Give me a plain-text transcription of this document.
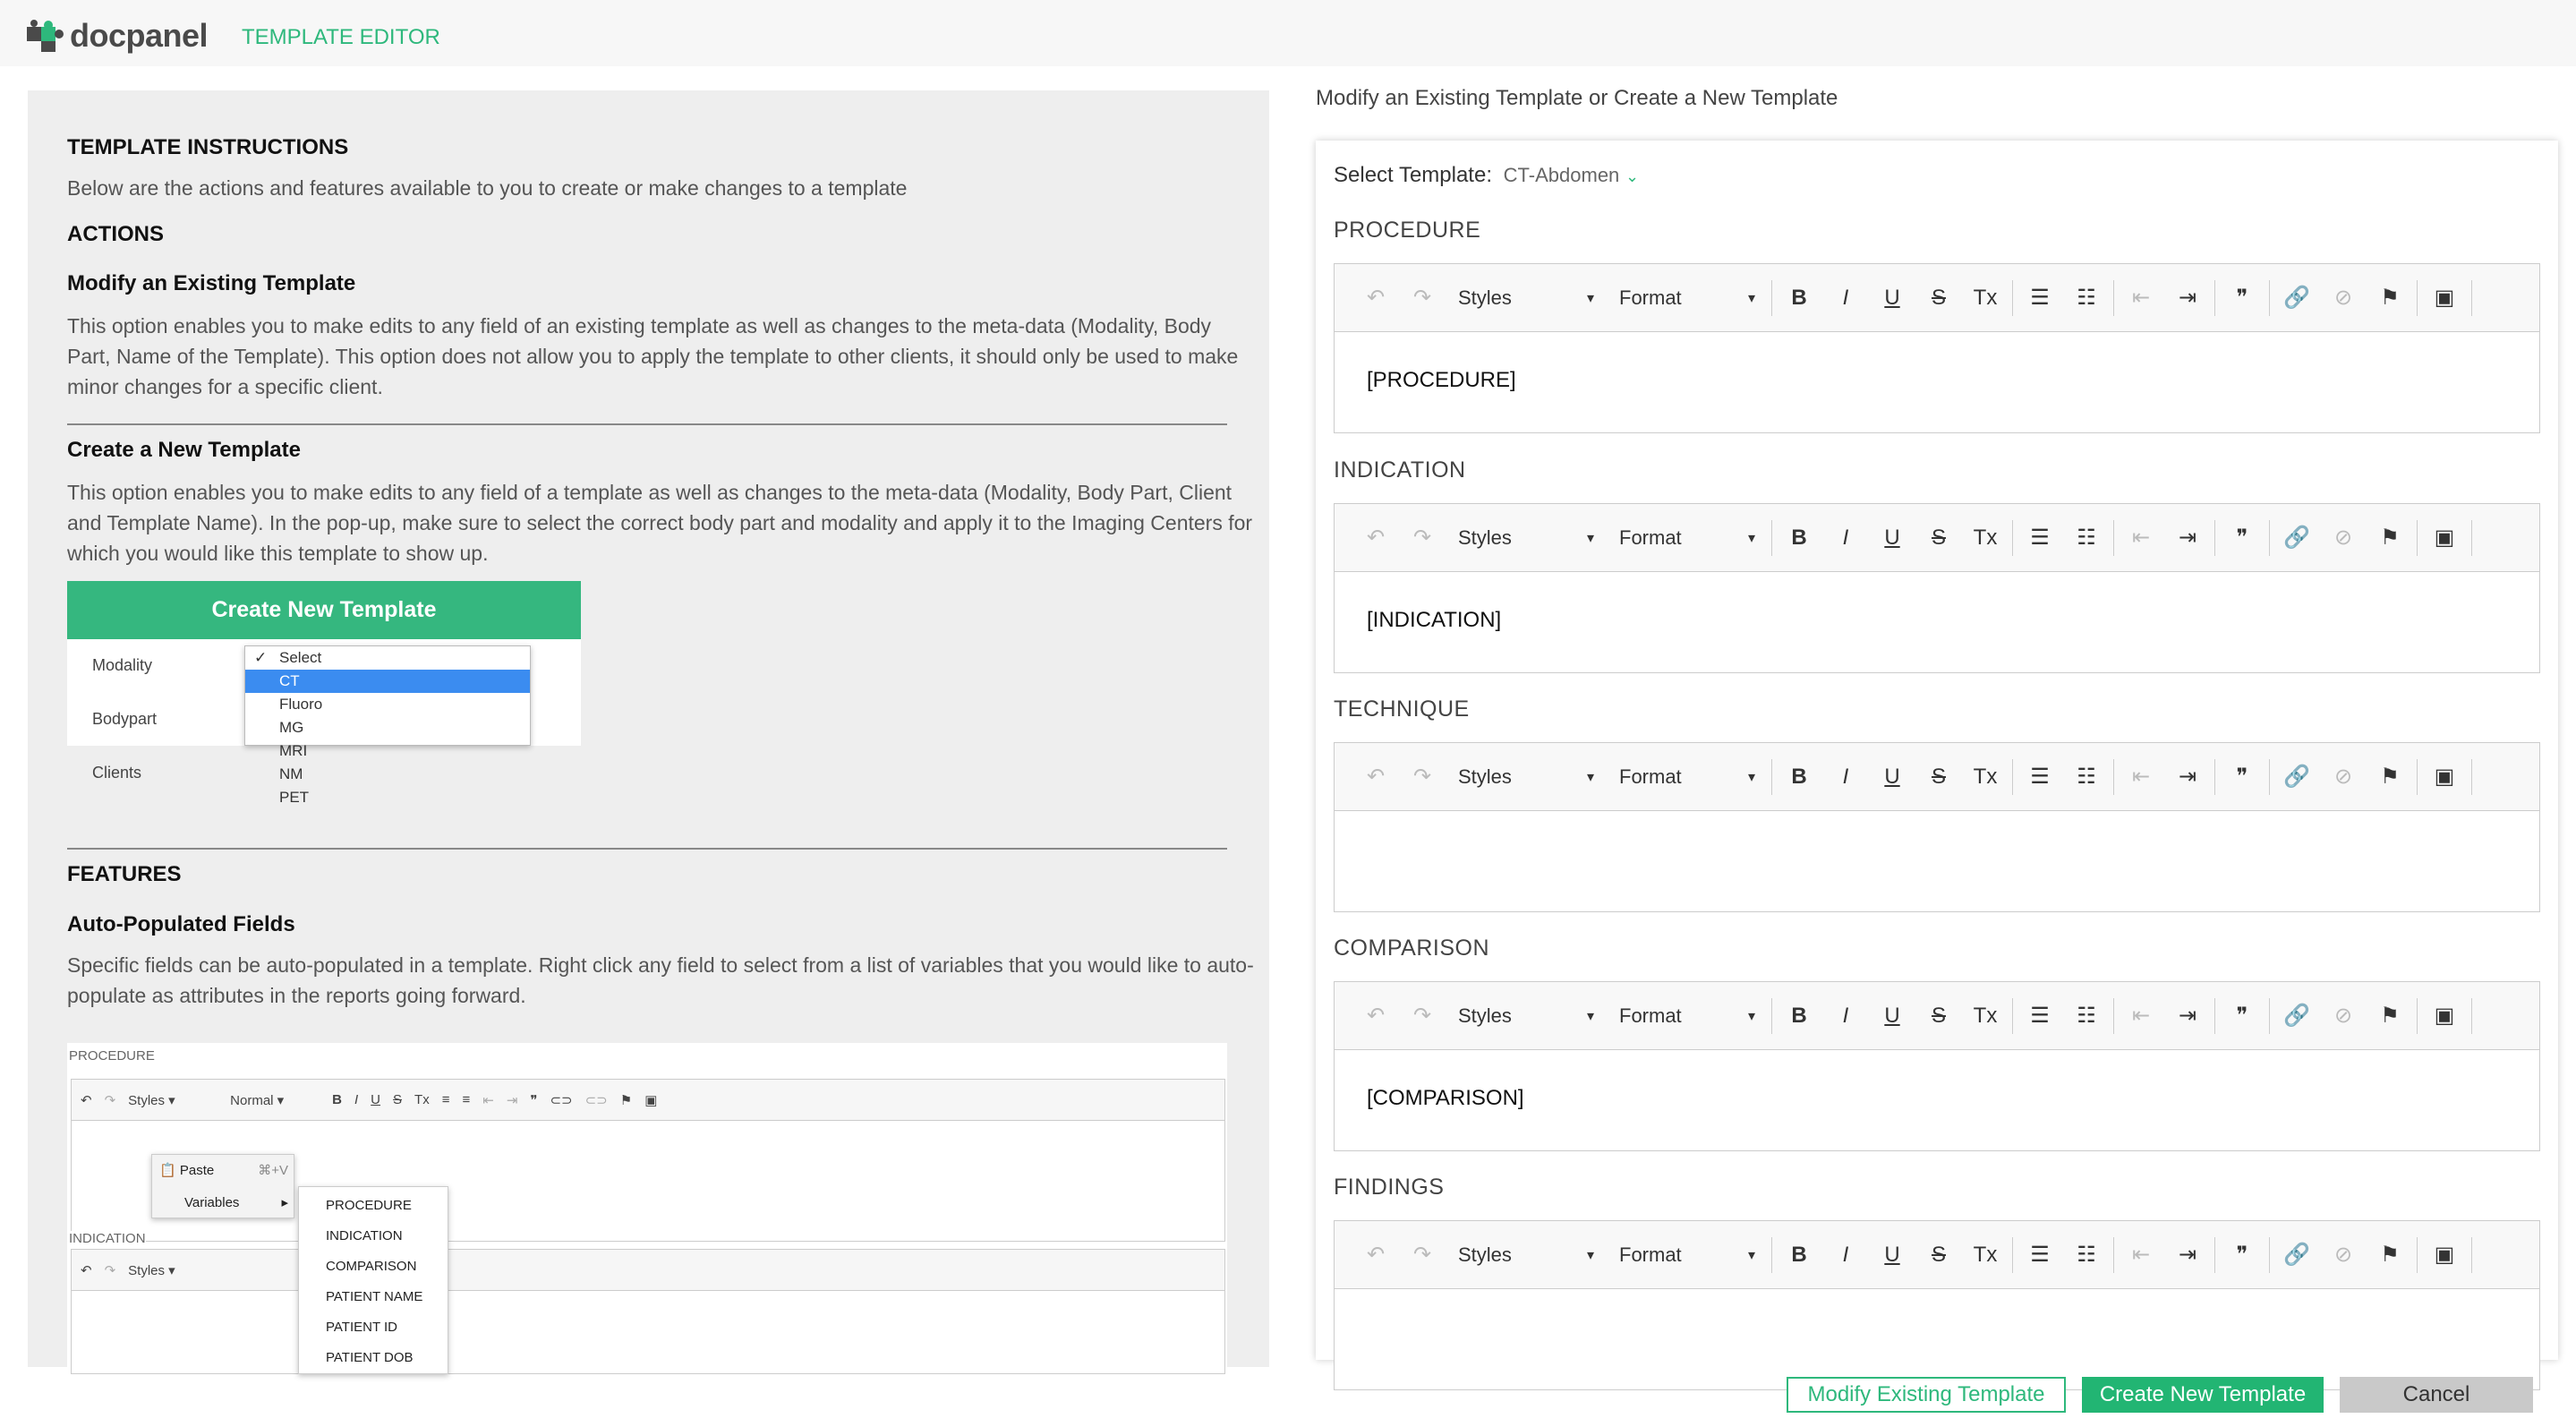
docpanel TEMPLATE EDITOR
TEMPLATE INSTRUCTIONS
Below are the actions and features available to you to create or make changes to a template
ACTIONS
Modify an Existing Template
This option enables you to make edits to any field of an existing template as well as changes to the meta-data (Modality, Body Part, Name of the Template). This option does not allow you to apply the template to other clients, it should only be used to make minor changes for a specific client.
Create a New Template
This option enables you to make edits to any field of a template as well as changes to the meta-data (Modality, Body Part, Client and Template Name). In the pop-up, make sure to select the correct body part and modality and apply it to the Imaging Centers for which you would like this template to show up.
Create New Template
Modality
Bodypart
Clients
✓ Select
CT
Fluoro
MG
MRI
NM
PET
FEATURES
Auto-Populated Fields
Specific fields can be auto-populated in a template. Right click any field to select from a list of variables that you would like to auto-populate as attributes in the reports going forward.
PROCEDURE
↶ ↷ Styles ▾	Normal ▾	B I U S Tx ≡ ≡ ⇤ ⇥ ❞ ⊂⊃ ⊂⊃ ⚑ ▣
INDICATION
↶ ↷ Styles ▾
📋 Paste	⌘+V
Variables	▸	PROCEDURE
INDICATION
COMPARISON
PATIENT NAME
PATIENT ID
PATIENT DOB
Modify an Existing Template or Create a New Template
Select Template: CT-Abdomen ⌄
PROCEDURE
↶	↷	Styles	▾ Format	▾	B	I	U	S	Tx	☰	☷	⇤	⇥	❞	🔗	⊘	⚑	▣
[PROCEDURE]
INDICATION
↶	↷	Styles	▾ Format	▾	B	I	U	S	Tx	☰	☷	⇤	⇥	❞	🔗	⊘	⚑	▣
[INDICATION]
TECHNIQUE
↶	↷	Styles	▾ Format	▾	B	I	U	S	Tx	☰	☷	⇤	⇥	❞	🔗	⊘	⚑	▣
COMPARISON
↶	↷	Styles	▾ Format	▾	B	I	U	S	Tx	☰	☷	⇤	⇥	❞	🔗	⊘	⚑	▣
[COMPARISON]
FINDINGS
↶	↷	Styles	▾ Format	▾	B	I	U	S	Tx	☰	☷	⇤	⇥	❞	🔗	⊘	⚑	▣
Modify Existing Template	Create New Template	Cancel
